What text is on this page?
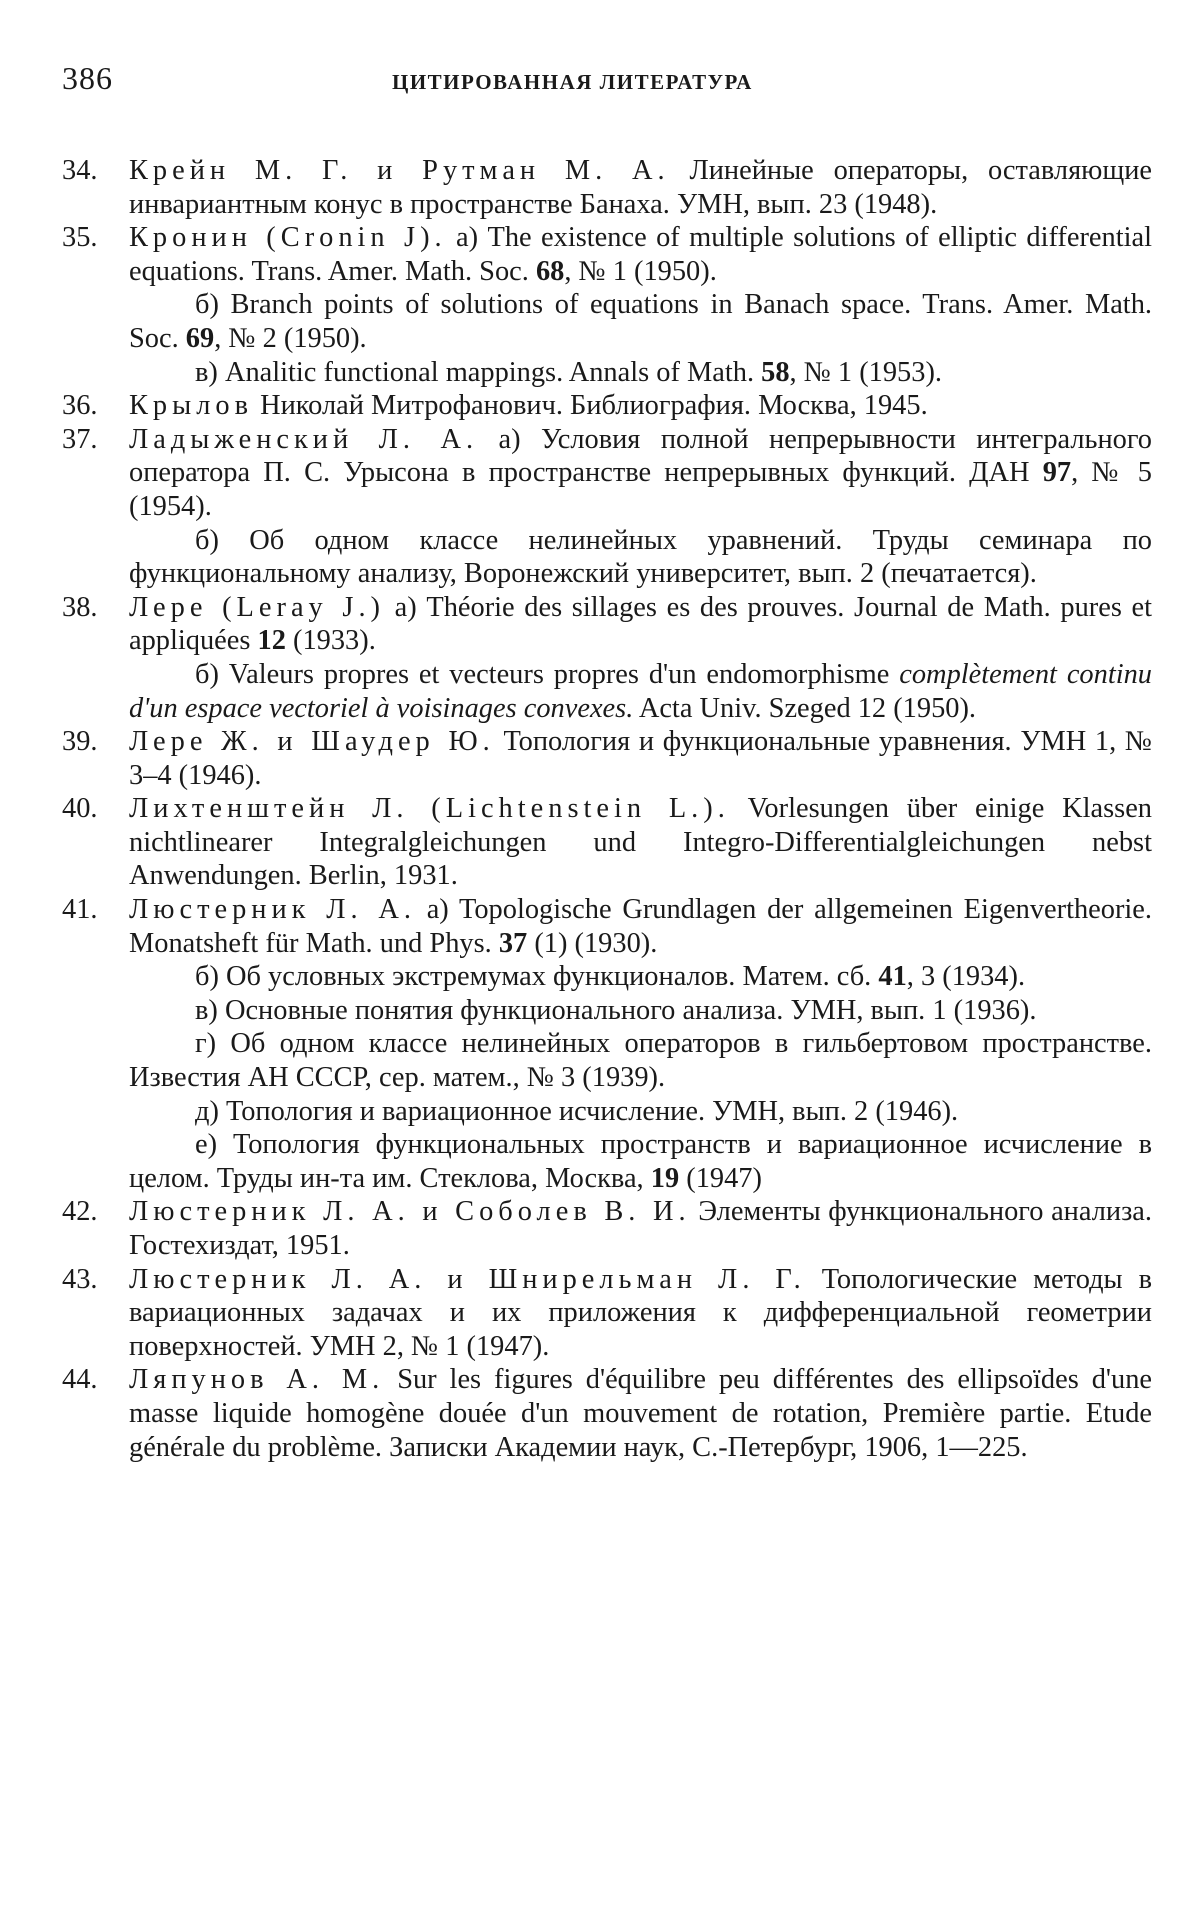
386	ЦИТИРОВАННАЯ ЛИТЕРАТУРА
34. Крейн М. Г. и Рутман М. А. Линейные операторы, оставляющие инвариантным конус в пространстве Банаха. УМН, вып. 23 (1948).
35. Кронин (Cronin J). a) The existence of multiple solutions of elliptic differential equations. Trans. Amer. Math. Soc. 68, № 1 (1950).
б) Branch points of solutions of equations in Banach space. Trans. Amer. Math. Soc. 69, № 2 (1950).
в) Analitic functional mappings. Annals of Math. 58, № 1 (1953).
36. Крылов Николай Митрофанович. Библиография. Москва, 1945.
37. Ладыженский Л. А. a) Условия полной непрерывности интегрального оператора П. С. Урысона в пространстве непрерывных функций. ДАН 97, № 5 (1954).
б) Об одном классе нелинейных уравнений. Труды семинара по функциональному анализу, Воронежский университет, вып. 2 (печатается).
38. Лере (Leray J.) a) Théorie des sillages es des prouves. Journal de Math. pures et appliquées 12 (1933).
б) Valeurs propres et vecteurs propres d'un endomorphisme complètement continu d'un espace vectoriel à voisinages convexes. Acta Univ. Szeged 12 (1950).
39. Лере Ж. и Шаудер Ю. Топология и функциональные уравнения. УМН 1, № 3–4 (1946).
40. Лихтенштейн Л. (Lichtenstein L.). Vorlesungen über einige Klassen nichtlinearer Integralgleichungen und Integro-Differentialgleichungen nebst Anwendungen. Berlin, 1931.
41. Люстерник Л. А. a) Topologische Grundlagen der allgemeinen Eigenvertheorie. Monatsheft für Math. und Phys. 37 (1) (1930).
б) Об условных экстремумах функционалов. Матем. сб. 41, 3 (1934).
в) Основные понятия функционального анализа. УМН, вып. 1 (1936).
г) Об одном классе нелинейных операторов в гильбертовом пространстве. Известия АН СССР, сер. матем., № 3 (1939).
д) Топология и вариационное исчисление. УМН, вып. 2 (1946).
е) Топология функциональных пространств и вариационное исчисление в целом. Труды ин-та им. Стеклова, Москва, 19 (1947)
42. Люстерник Л. А. и Соболев В. И. Элементы функционального анализа. Гостехиздат, 1951.
43. Люстерник Л. А. и Шнирельман Л. Г. Топологические методы в вариационных задачах и их приложения к дифференциальной геометрии поверхностей. УМН 2, № 1 (1947).
44. Ляпунов А. М. Sur les figures d'équilibre peu différentes des ellipsoïdes d'une masse liquide homogène douée d'un mouvement de rotation, Première partie. Etude générale du problème. Записки Академии наук, С.-Петербург, 1906, 1—225.
